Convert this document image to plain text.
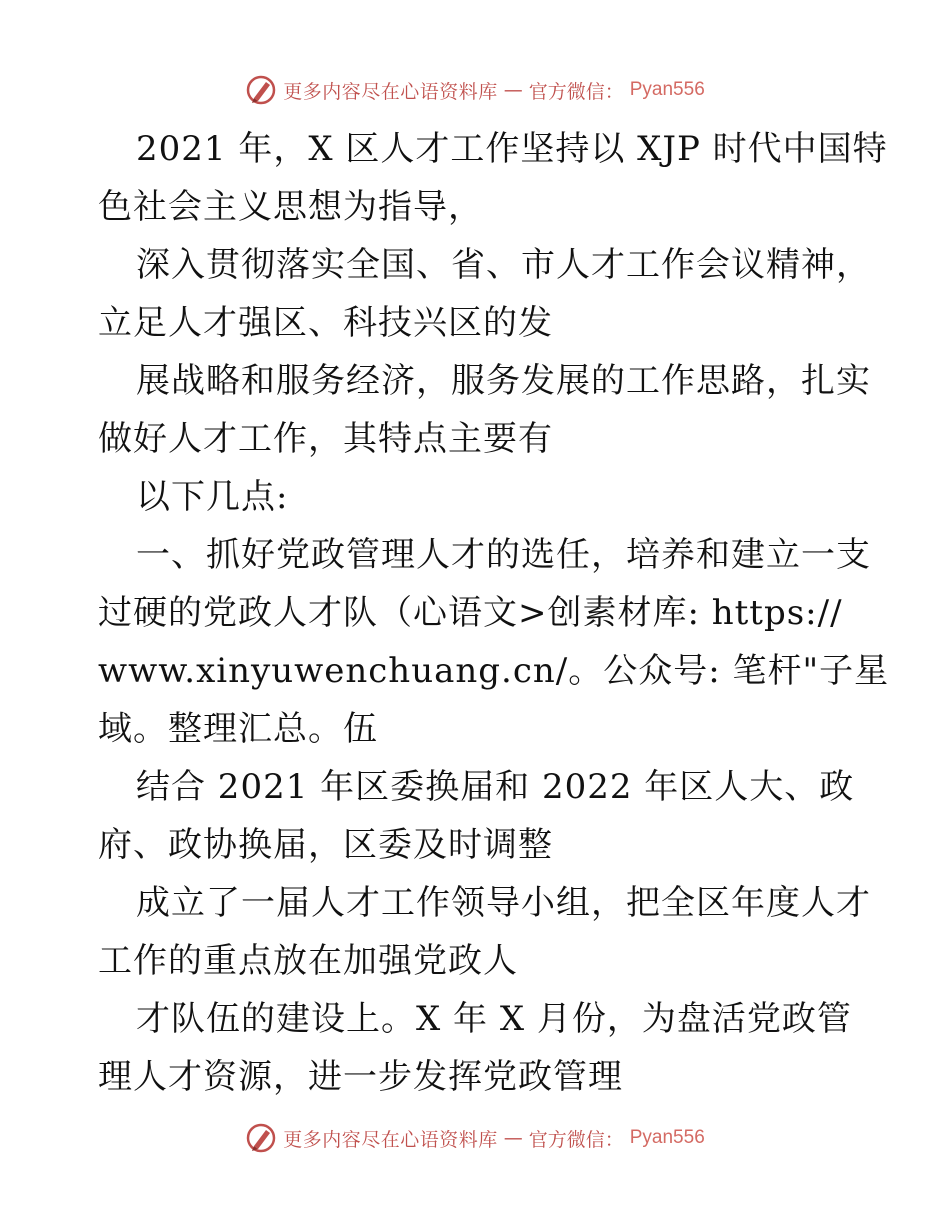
更多内容尽在心语资料库 — 官方微信： Pyan556
2021 年，X 区人才工作坚持以 XJP 时代中国特
色社会主义思想为指导，
深入贯彻落实全国、省、市人才工作会议精神，
立足人才强区、科技兴区的发
展战略和服务经济，服务发展的工作思路，扎实
做好人才工作，其特点主要有
以下几点:
一、抓好党政管理人才的选任，培养和建立一支
过硬的党政人才队（心语文>创素材库: https://
www.xinyuwenchuang.cn/。公众号: 笔杆"子星
域。整理汇总。伍
结合 2021 年区委换届和 2022 年区人大、政
府、政协换届，区委及时调整
成立了一届人才工作领导小组，把全区年度人才
工作的重点放在加强党政人
才队伍的建设上。X 年 X 月份，为盘活党政管
理人才资源，进一步发挥党政管理
更多内容尽在心语资料库 — 官方微信： Pyan556
